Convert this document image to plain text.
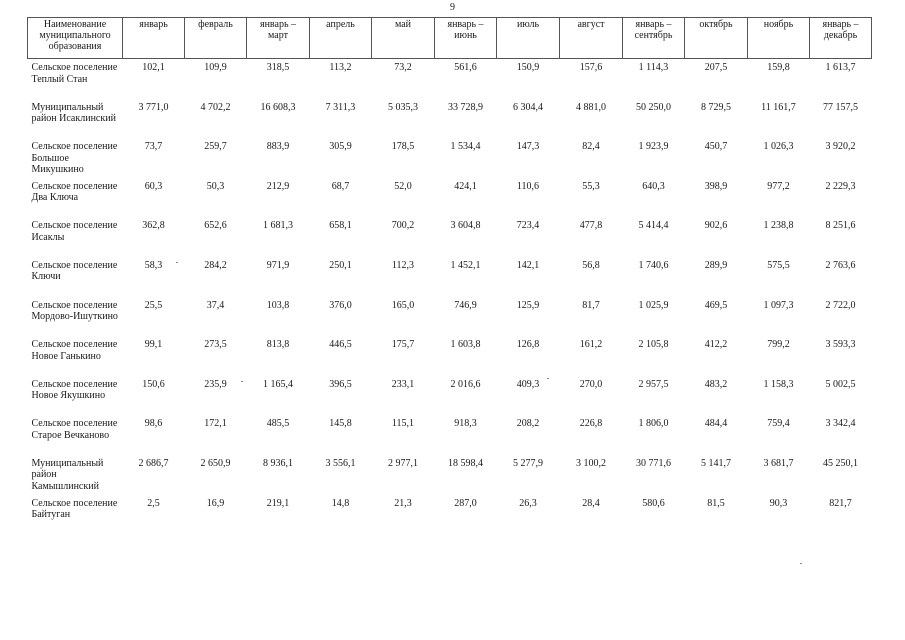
9
Наименование муниципального образования	январь	февраль	январь – март	апрель	май	январь – июнь	июль	август	январь – сентябрь	октябрь	ноябрь	январь – декабрь
Сельское поселение Теплый Стан	102,1	109,9	318,5	113,2	73,2	561,6	150,9	157,6	1 114,3	207,5	159,8	1 613,7
Муниципальный район Исаклинский	3 771,0	4 702,2	16 608,3	7 311,3	5 035,3	33 728,9	6 304,4	4 881,0	50 250,0	8 729,5	11 161,7	77 157,5
Сельское поселение Большое Микушкино	73,7	259,7	883,9	305,9	178,5	1 534,4	147,3	82,4	1 923,9	450,7	1 026,3	3 920,2
Сельское поселение Два Ключа	60,3	50,3	212,9	68,7	52,0	424,1	110,6	55,3	640,3	398,9	977,2	2 229,3
Сельское поселение Исаклы	362,8	652,6	1 681,3	658,1	700,2	3 604,8	723,4	477,8	5 414,4	902,6	1 238,8	8 251,6
Сельское поселение Ключи	58,3	284,2	971,9	250,1	112,3	1 452,1	142,1	56,8	1 740,6	289,9	575,5	2 763,6
Сельское поселение Мордово-Ишуткино	25,5	37,4	103,8	376,0	165,0	746,9	125,9	81,7	1 025,9	469,5	1 097,3	2 722,0
Сельское поселение Новое Ганькино	99,1	273,5	813,8	446,5	175,7	1 603,8	126,8	161,2	2 105,8	412,2	799,2	3 593,3
Сельское поселение Новое Якушкино	150,6	235,9	1 165,4	396,5	233,1	2 016,6	409,3	270,0	2 957,5	483,2	1 158,3	5 002,5
Сельское поселение Старое Вечканово	98,6	172,1	485,5	145,8	115,1	918,3	208,2	226,8	1 806,0	484,4	759,4	3 342,4
Муниципальный район Камышлинский	2 686,7	2 650,9	8 936,1	3 556,1	2 977,1	18 598,4	5 277,9	3 100,2	30 771,6	5 141,7	3 681,7	45 250,1
Сельское поселение Байтуган	2,5	16,9	219,1	14,8	21,3	287,0	26,3	28,4	580,6	81,5	90,3	821,7
